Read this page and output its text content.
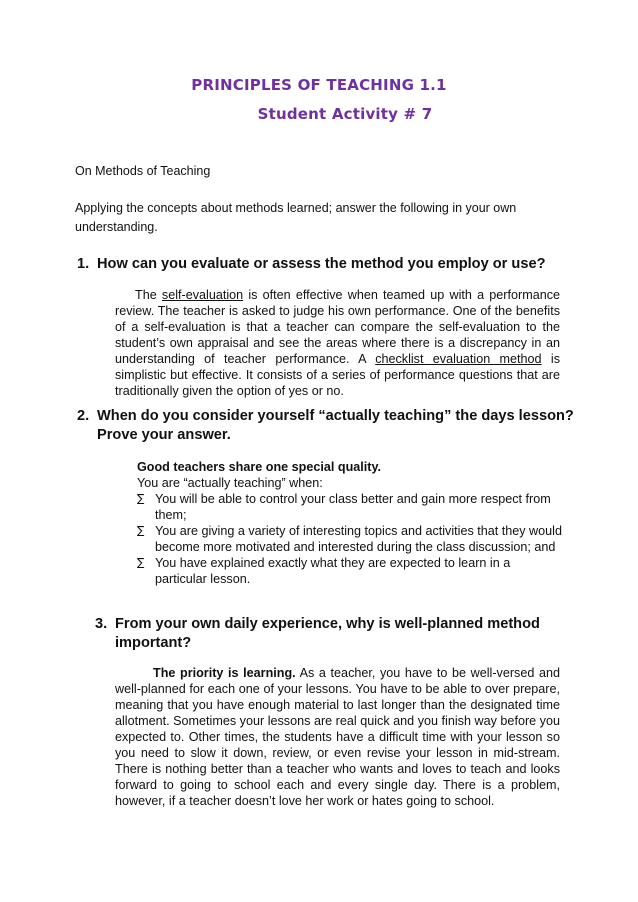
PRINCIPLES OF TEACHING 1.1
Student Activity # 7
On Methods of Teaching
Applying the concepts about methods learned; answer the following in your own
understanding.
1. How can you evaluate or assess the method you employ or use?
The self-evaluation is often effective when teamed up with a performance review. The teacher is asked to judge his own performance. One of the benefits of a self-evaluation is that a teacher can compare the self-evaluation to the student’s own appraisal and see the areas where there is a discrepancy in an understanding of teacher performance. A checklist evaluation method is simplistic but effective. It consists of a series of performance questions that are traditionally given the option of yes or no.
2. When do you consider yourself “actually teaching” the days lesson?
Prove your answer.
Good teachers share one special quality.
You are “actually teaching” when:
∑ You will be able to control your class better and gain more respect from them;
∑ You are giving a variety of interesting topics and activities that they would become more motivated and interested during the class discussion; and
∑ You have explained exactly what they are expected to learn in a particular lesson.
3. From your own daily experience, why is well-planned method
important?
The priority is learning. As a teacher, you have to be well-versed and well-planned for each one of your lessons. You have to be able to over prepare, meaning that you have enough material to last longer than the designated time allotment. Sometimes your lessons are real quick and you finish way before you expected to. Other times, the students have a difficult time with your lesson so you need to slow it down, review, or even revise your lesson in mid-stream. There is nothing better than a teacher who wants and loves to teach and looks forward to going to school each and every single day. There is a problem, however, if a teacher doesn’t love her work or hates going to school.
